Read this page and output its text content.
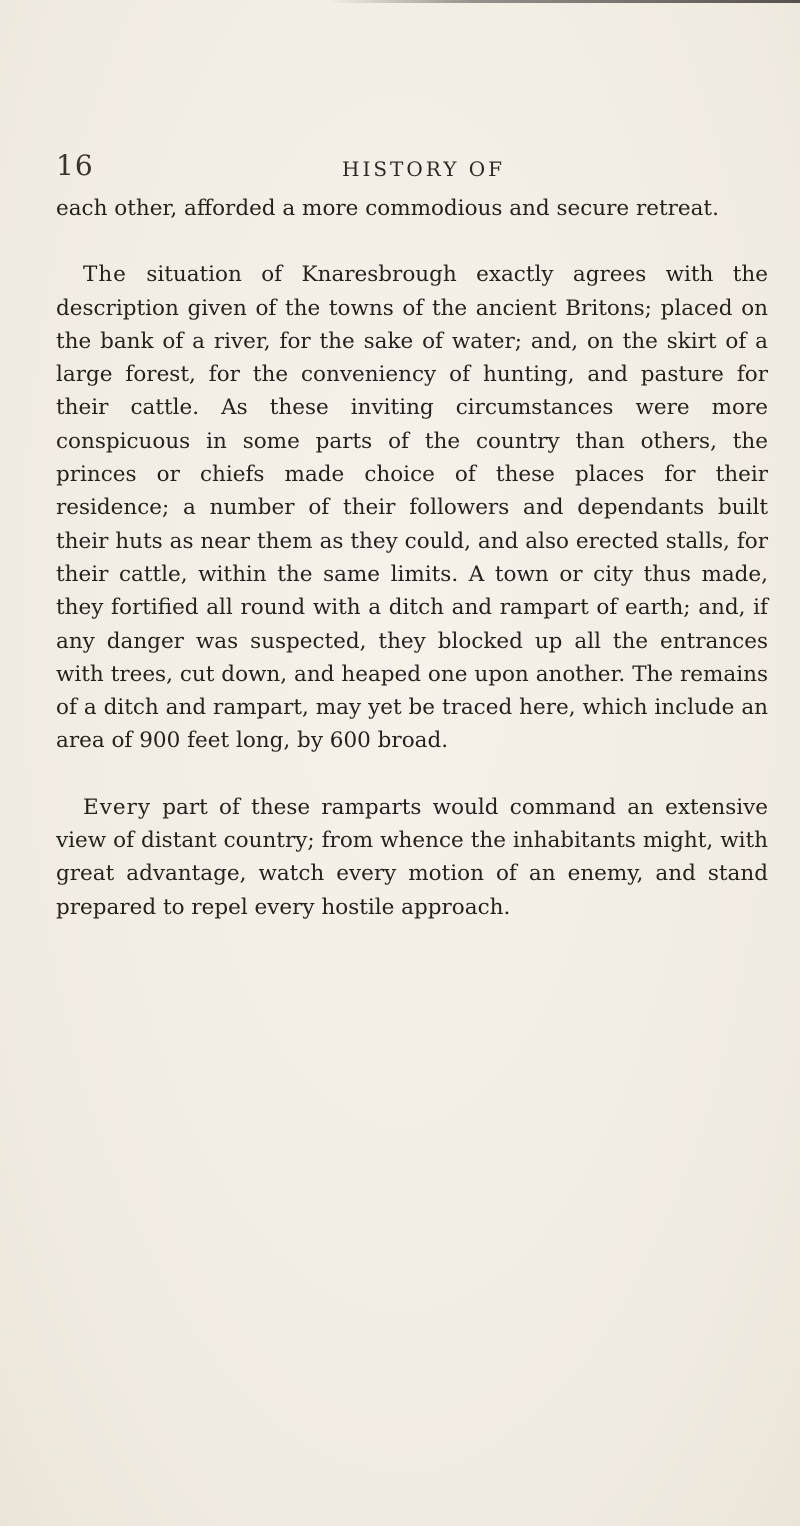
16	HISTORY OF

each other, afforded a more commodious and secure retreat.

The situation of Knaresbrough exactly agrees with the description given of the towns of the ancient Britons; placed on the bank of a river, for the sake of water; and, on the skirt of a large forest, for the conveniency of hunting, and pasture for their cattle. As these inviting circumstances were more conspicuous in some parts of the country than others, the princes or chiefs made choice of these places for their residence; a number of their followers and dependants built their huts as near them as they could, and also erected stalls, for their cattle, within the same limits. A town or city thus made, they fortified all round with a ditch and rampart of earth; and, if any danger was suspected, they blocked up all the entrances with trees, cut down, and heaped one upon another. The remains of a ditch and rampart, may yet be traced here, which include an area of 900 feet long, by 600 broad.

Every part of these ramparts would command an extensive view of distant country; from whence the inhabitants might, with great advantage, watch every motion of an enemy, and stand prepared to repel every hostile approach.
